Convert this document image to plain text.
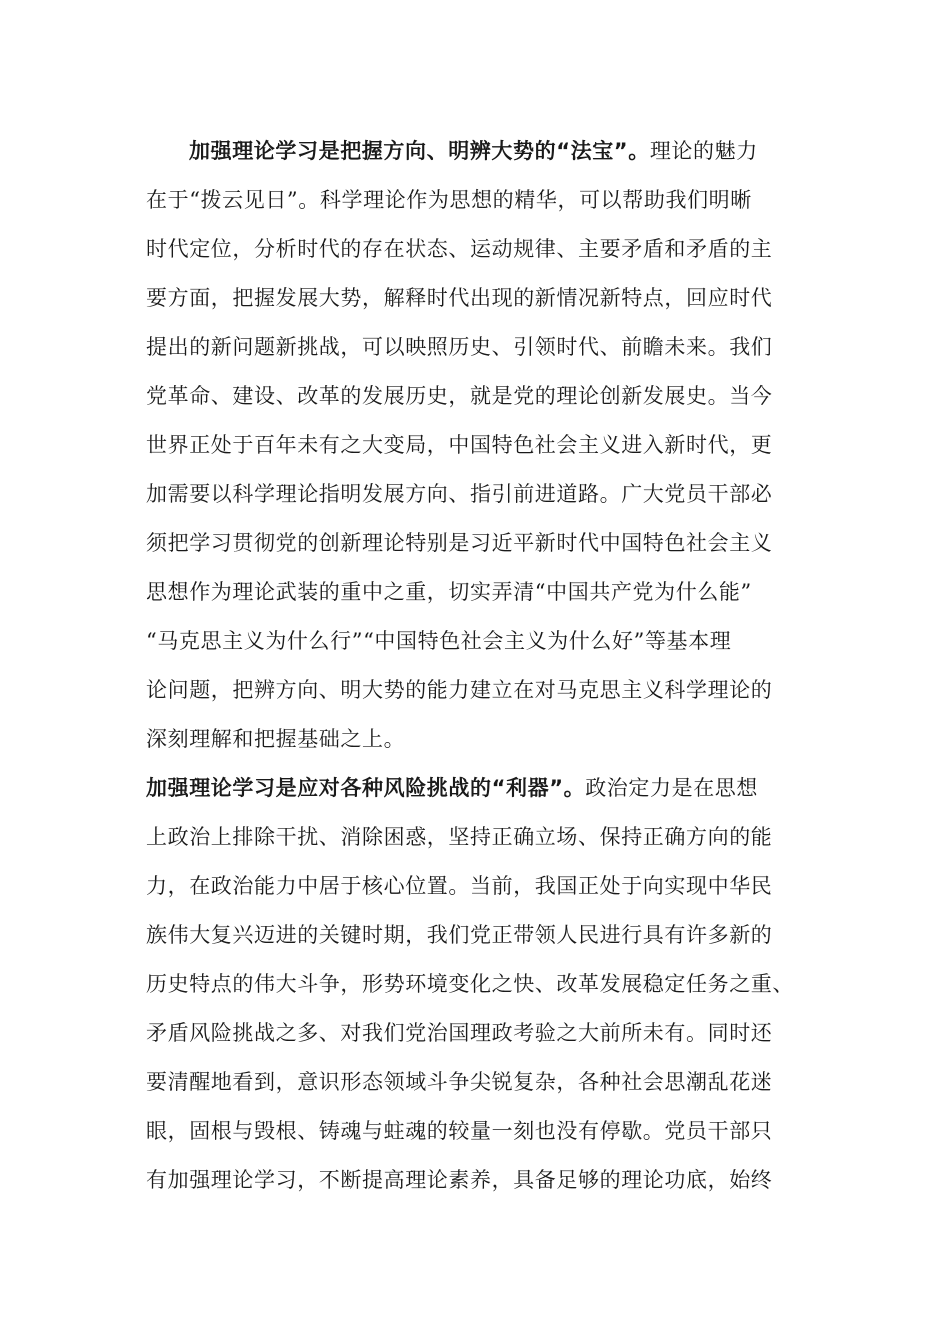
加强理论学习是把握方向、明辨大势的“法宝”。理论的魅力
在于“拨云见日”。科学理论作为思想的精华，可以帮助我们明晰
时代定位，分析时代的存在状态、运动规律、主要矛盾和矛盾的主
要方面，把握发展大势，解释时代出现的新情况新特点，回应时代
提出的新问题新挑战，可以映照历史、引领时代、前瞻未来。我们
党革命、建设、改革的发展历史，就是党的理论创新发展史。当今
世界正处于百年未有之大变局，中国特色社会主义进入新时代，更
加需要以科学理论指明发展方向、指引前进道路。广大党员干部必
须把学习贯彻党的创新理论特别是习近平新时代中国特色社会主义
思想作为理论武装的重中之重，切实弄清“中国共产党为什么能”
“马克思主义为什么行”“中国特色社会主义为什么好”等基本理
论问题，把辨方向、明大势的能力建立在对马克思主义科学理论的
深刻理解和把握基础之上。
加强理论学习是应对各种风险挑战的“利器”。政治定力是在思想
上政治上排除干扰、消除困惑，坚持正确立场、保持正确方向的能
力，在政治能力中居于核心位置。当前，我国正处于向实现中华民
族伟大复兴迈进的关键时期，我们党正带领人民进行具有许多新的
历史特点的伟大斗争，形势环境变化之快、改革发展稳定任务之重、
矛盾风险挑战之多、对我们党治国理政考验之大前所未有。同时还
要清醒地看到，意识形态领域斗争尖锐复杂，各种社会思潮乱花迷
眼，固根与毁根、铸魂与蛀魂的较量一刻也没有停歇。党员干部只
有加强理论学习，不断提高理论素养，具备足够的理论功底，始终
